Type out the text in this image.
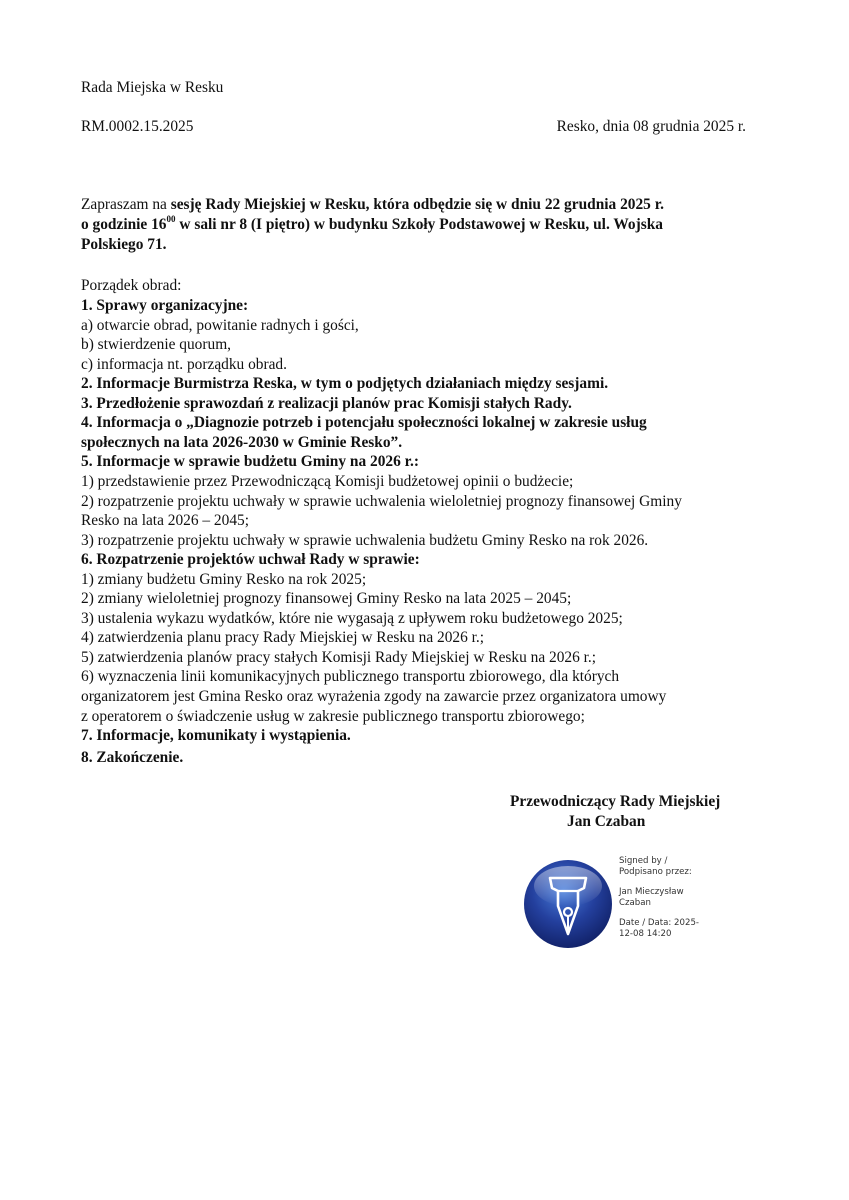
Rada Miejska w Resku
RM.0002.15.2025	Resko, dnia 08 grudnia 2025 r.
Zapraszam na sesję Rady Miejskiej w Resku, która odbędzie się w dniu 22 grudnia 2025 r.
o godzinie $16^{00}$ w sali nr 8 (I piętro) w budynku Szkoły Podstawowej w Resku, ul. Wojska
Polskiego 71.
Porządek obrad:
1. Sprawy organizacyjne:
a) otwarcie obrad, powitanie radnych i gości,
b) stwierdzenie quorum,
c) informacja nt. porządku obrad.
2. Informacje Burmistrza Reska, w tym o podjętych działaniach między sesjami.
3. Przedłożenie sprawozdań z realizacji planów prac Komisji stałych Rady.
4. Informacja o „Diagnozie potrzeb i potencjału społeczności lokalnej w zakresie usług
społecznych na lata 2026-2030 w Gminie Resko”.
5. Informacje w sprawie budżetu Gminy na 2026 r.:
1) przedstawienie przez Przewodniczącą Komisji budżetowej opinii o budżecie;
2) rozpatrzenie projektu uchwały w sprawie uchwalenia wieloletniej prognozy finansowej Gminy
Resko na lata 2026 – 2045;
3) rozpatrzenie projektu uchwały w sprawie uchwalenia budżetu Gminy Resko na rok 2026.
6. Rozpatrzenie projektów uchwał Rady w sprawie:
1) zmiany budżetu Gminy Resko na rok 2025;
2) zmiany wieloletniej prognozy finansowej Gminy Resko na lata 2025 – 2045;
3) ustalenia wykazu wydatków, które nie wygasają z upływem roku budżetowego 2025;
4) zatwierdzenia planu pracy Rady Miejskiej w Resku na 2026 r.;
5) zatwierdzenia planów pracy stałych Komisji Rady Miejskiej w Resku na 2026 r.;
6) wyznaczenia linii komunikacyjnych publicznego transportu zbiorowego, dla których
organizatorem jest Gmina Resko oraz wyrażenia zgody na zawarcie przez organizatora umowy
z operatorem o świadczenie usług w zakresie publicznego transportu zbiorowego;
7. Informacje, komunikaty i wystąpienia.
8. Zakończenie.
Przewodniczący Rady Miejskiej
Jan Czaban
Signed by /
Podpisano przez:
Jan Mieczysław
Czaban
Date / Data: 2025-
12-08 14:20
